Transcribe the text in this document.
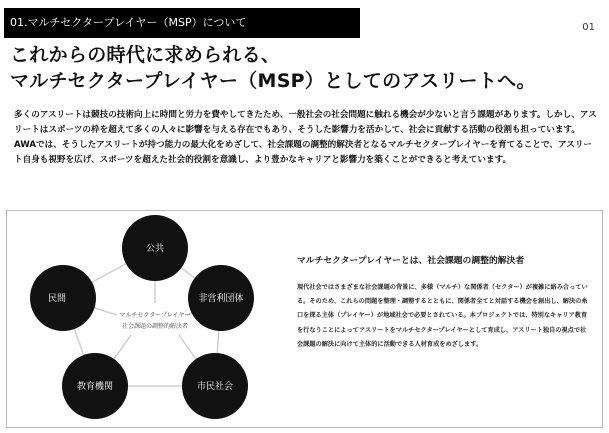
01.マルチセクタープレイヤー（MSP）について	01
これからの時代に求められる、
マルチセクタープレイヤー（MSP）としてのアスリートへ。

多くのアスリートは競技の技術向上に時間と労力を費やしてきたため、一般社会の社会問題に触れる機会が少ないと言う課題があります。しかし、アスリートはスポーツの枠を超えて多くの人々に影響を与える存在でもあり、そうした影響力を活かして、社会に貢献する活動の役割も担っています。AWAでは、そうしたアスリートが持つ能力の最大化をめざして、社会課題の調整的解決者となるマルチセクタープレイヤーを育てることで、アスリート自身も視野を広げ、スポーツを超えた社会的役割を意識し、より豊かなキャリアと影響力を築くことができると考えています。

マルチセクタープレイヤー
社会課題の調整的解決者
公共
民間	非営利団体
教育機関	市民社会
マルチセクタープレイヤーとは、社会課題の調整的解決者

現代社会ではさまざまな社会課題の背景に、多様（マルチ）な関係者（セクター）が複雑に絡み合っている。そのため、これらの問題を整理・調整するとともに、関係者全てと対話する機会を創出し、解決の糸口を探る主体（プレイヤー）が地域社会で必要とされている。本プロジェクトでは、特別なキャリア教育を行なうことによってアスリートをマルチセクタープレイヤーとして育成し、アスリート独自の視点で社会課題の解決に向けて主体的に活動できる人材育成をめざします。
